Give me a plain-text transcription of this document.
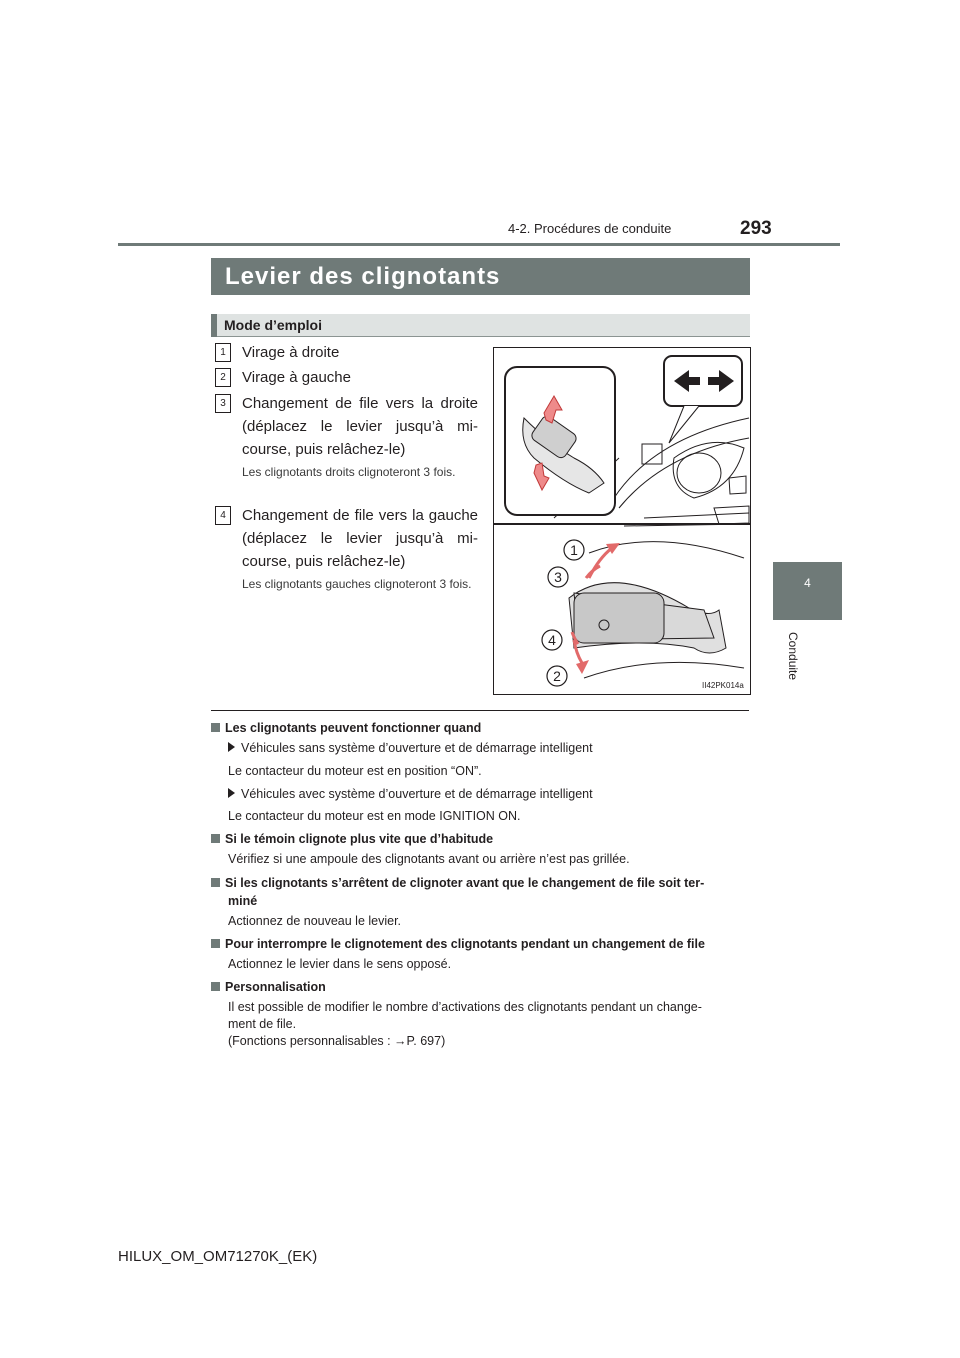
4-2. Procédures de conduite	293
4
Conduite
Levier des clignotants
Mode d’emploi
1	Virage à droite
2	Virage à gauche
3	Changement de file vers la droite (déplacez le levier jusqu’à mi-course, puis relâchez-le)
Les clignotants droits clignoteront 3 fois.
4	Changement de file vers la gauche (déplacez le levier jusqu’à mi-course, puis relâchez-le)
Les clignotants gauches clignoteront 3 fois.
1
3
4
2
II42PK014a
Les clignotants peuvent fonctionner quand
Véhicules sans système d’ouverture et de démarrage intelligent
Le contacteur du moteur est en position “ON”.
Véhicules avec système d’ouverture et de démarrage intelligent
Le contacteur du moteur est en mode IGNITION ON.
Si le témoin clignote plus vite que d’habitude
Vérifiez si une ampoule des clignotants avant ou arrière n’est pas grillée.
Si les clignotants s’arrêtent de clignoter avant que le changement de file soit ter-
miné
Actionnez de nouveau le levier.
Pour interrompre le clignotement des clignotants pendant un changement de file
Actionnez le levier dans le sens opposé.
Personnalisation
Il est possible de modifier le nombre d’activations des clignotants pendant un change-
ment de file.
(Fonctions personnalisables : →P. 697)
HILUX_OM_OM71270K_(EK)
